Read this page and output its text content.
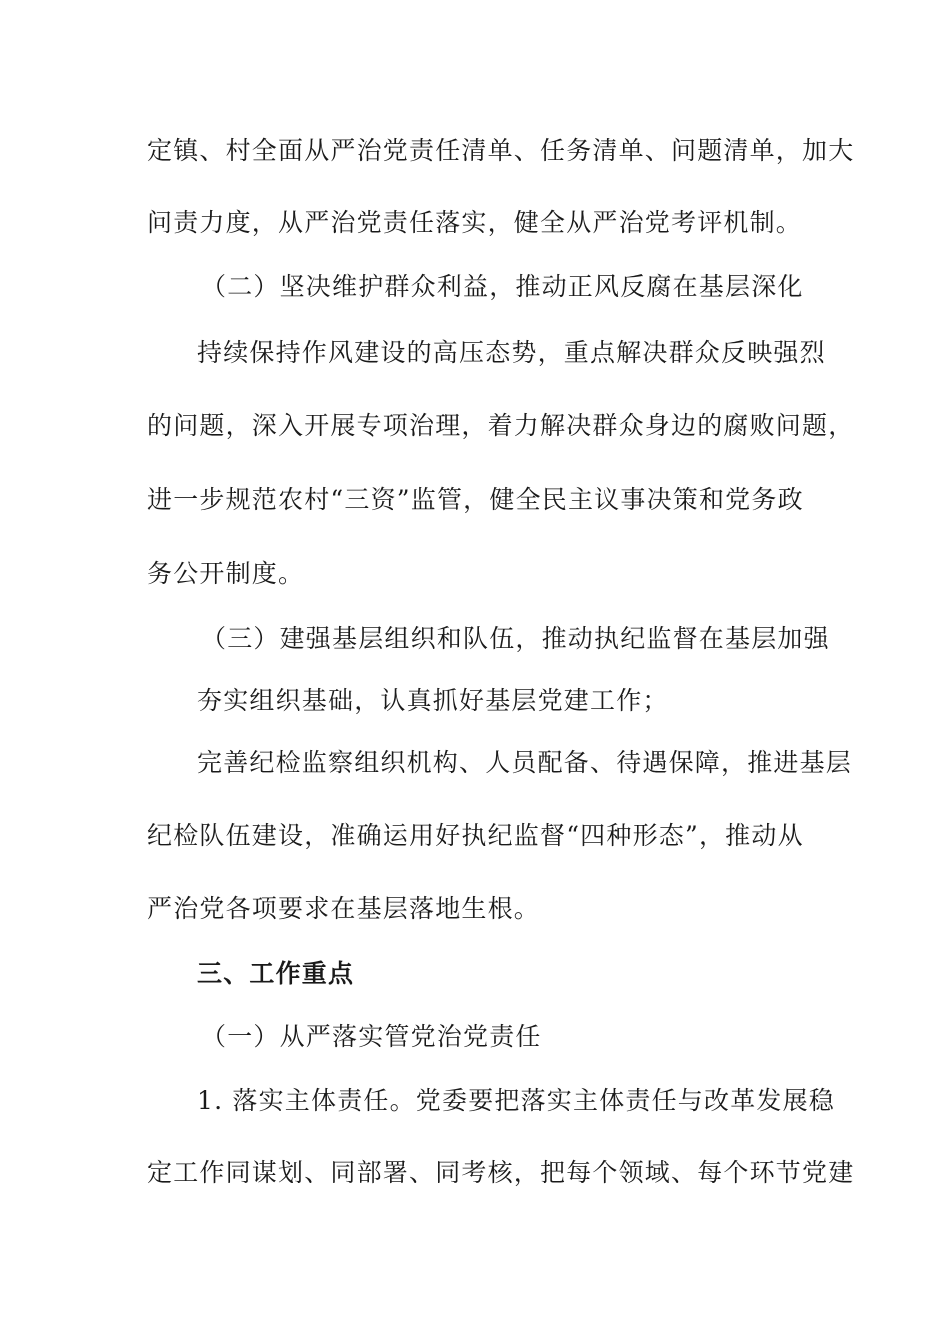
定镇、村全面从严治党责任清单、任务清单、问题清单，加大
问责力度，从严治党责任落实，健全从严治党考评机制。
（二）坚决维护群众利益，推动正风反腐在基层深化
持续保持作风建设的高压态势，重点解决群众反映强烈
的问题，深入开展专项治理，着力解决群众身边的腐败问题，
进一步规范农村“三资”监管，健全民主议事决策和党务政
务公开制度。
（三）建强基层组织和队伍，推动执纪监督在基层加强
夯实组织基础，认真抓好基层党建工作；
完善纪检监察组织机构、人员配备、待遇保障，推进基层
纪检队伍建设，准确运用好执纪监督“四种形态”，推动从
严治党各项要求在基层落地生根。
三、工作重点
（一）从严落实管党治党责任
1. 落实主体责任。党委要把落实主体责任与改革发展稳
定工作同谋划、同部署、同考核，把每个领域、每个环节党建
